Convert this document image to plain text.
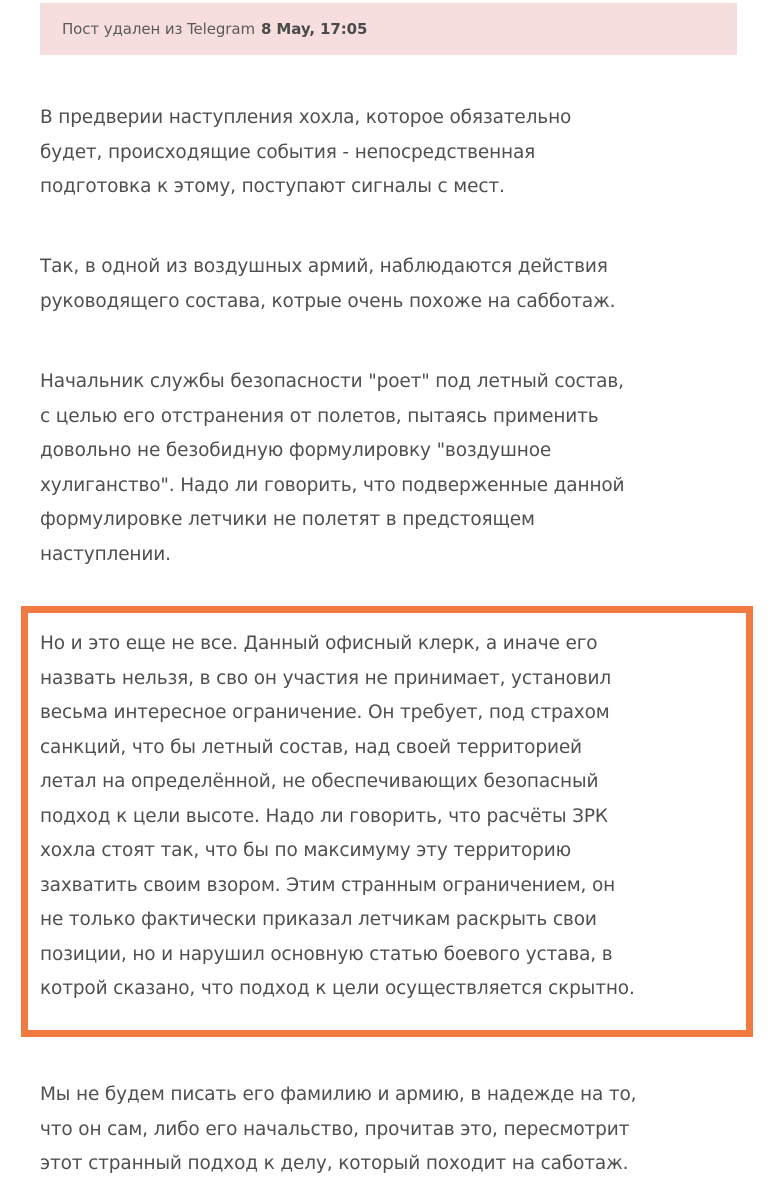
Пост удален из Telegram 8 May, 17:05
В предверии наступления хохла, которое обязательно
будет, происходящие события - непосредственная
подготовка к этому, поступают сигналы с мест.
Так, в одной из воздушных армий, наблюдаются действия
руководящего состава, котрые очень похоже на сабботаж.
Начальник службы безопасности "роет" под летный состав,
с целью его отстранения от полетов, пытаясь применить
довольно не безобидную формулировку "воздушное
хулиганство". Надо ли говорить, что подверженные данной
формулировке летчики не полетят в предстоящем
наступлении.
Но и это еще не все. Данный офисный клерк, а иначе его
назвать нельзя, в сво он участия не принимает, установил
весьма интересное ограничение. Он требует, под страхом
санкций, что бы летный состав, над своей территорией
летал на определённой, не обеспечивающих безопасный
подход к цели высоте. Надо ли говорить, что расчёты ЗРК
хохла стоят так, что бы по максимуму эту территорию
захватить своим взором. Этим странным ограничением, он
не только фактически приказал летчикам раскрыть свои
позиции, но и нарушил основную статью боевого устава, в
котрой сказано, что подход к цели осуществляется скрытно.
Мы не будем писать его фамилию и армию, в надежде на то,
что он сам, либо его начальство, прочитав это, пересмотрит
этот странный подход к делу, который походит на саботаж.
